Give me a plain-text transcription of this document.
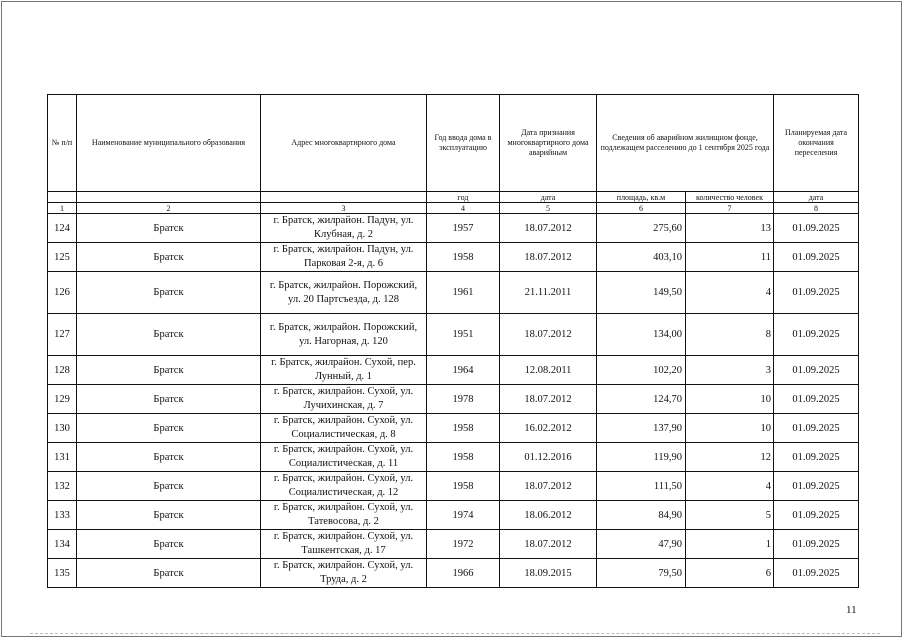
№ п/п	Наименование муниципального образования	Адрес многоквартирного дома	Год ввода дома в эксплуатацию	Дата признания многоквартирного дома аварийным	Сведения об аварийном жилищном фонде, подлежащем расселению до 1 сентября 2025 года		Планируемая дата окончания переселения
			год	дата	площадь, кв.м	количество человек	дата
1	2	3	4	5	6	7	8
124	Братск	г. Братск, жилрайон. Падун, ул. Клубная, д. 2	1957	18.07.2012	275,60	13	01.09.2025
125	Братск	г. Братск, жилрайон. Падун, ул. Парковая 2-я, д. 6	1958	18.07.2012	403,10	11	01.09.2025
126	Братск	г. Братск, жилрайон. Порожский, ул. 20 Партсъезда, д. 128	1961	21.11.2011	149,50	4	01.09.2025
127	Братск	г. Братск, жилрайон. Порожский, ул. Нагорная, д. 120	1951	18.07.2012	134,00	8	01.09.2025
128	Братск	г. Братск, жилрайон. Сухой, пер. Лунный, д. 1	1964	12.08.2011	102,20	3	01.09.2025
129	Братск	г. Братск, жилрайон. Сухой, ул. Лучихинская, д. 7	1978	18.07.2012	124,70	10	01.09.2025
130	Братск	г. Братск, жилрайон. Сухой, ул. Социалистическая, д. 8	1958	16.02.2012	137,90	10	01.09.2025
131	Братск	г. Братск, жилрайон. Сухой, ул. Социалистическая, д. 11	1958	01.12.2016	119,90	12	01.09.2025
132	Братск	г. Братск, жилрайон. Сухой, ул. Социалистическая, д. 12	1958	18.07.2012	111,50	4	01.09.2025
133	Братск	г. Братск, жилрайон. Сухой, ул. Татевосова, д. 2	1974	18.06.2012	84,90	5	01.09.2025
134	Братск	г. Братск, жилрайон. Сухой, ул. Ташкентская, д. 17	1972	18.07.2012	47,90	1	01.09.2025
135	Братск	г. Братск, жилрайон. Сухой, ул. Труда, д. 2	1966	18.09.2015	79,50	6	01.09.2025
11
